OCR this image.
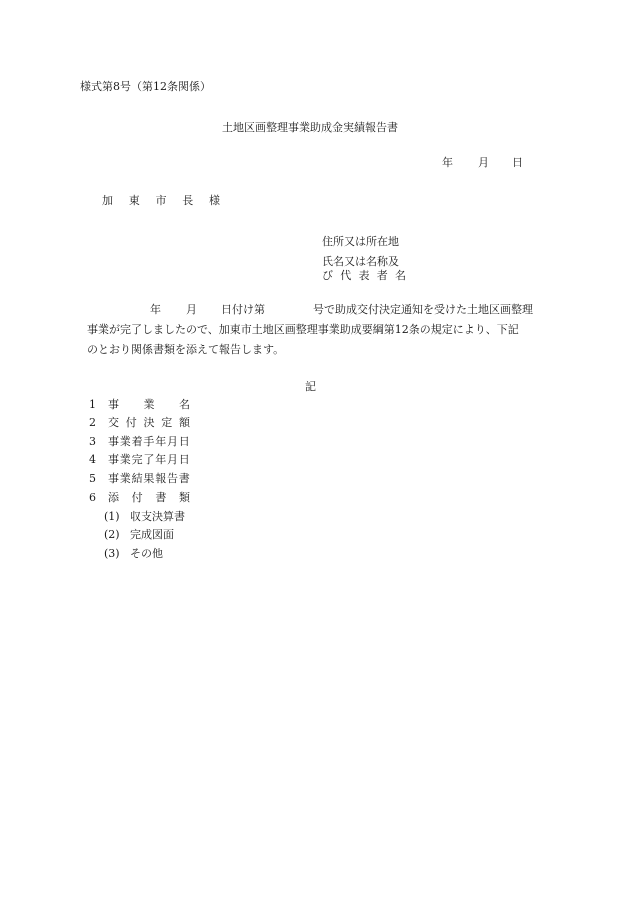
様式第8号（第12条関係）
土地区画整理事業助成金実績報告書
年 月 日
加 東 市 長 様
住所又は所在地
氏名又は名称及
び 代 表 者 名
年 月 日付け第	号で助成交付決定通知を受けた土地区画整理
事業が完了しましたので、加東市土地区画整理事業助成要綱第12条の規定により、下記
のとおり関係書類を添えて報告します。
記
1 事 業 名
2 交 付 決 定 額
3 事業着手年月日
4 事業完了年月日
5 事業結果報告書
6 添 付 書 類
(1) 収支決算書
(2) 完成図面
(3) その他
